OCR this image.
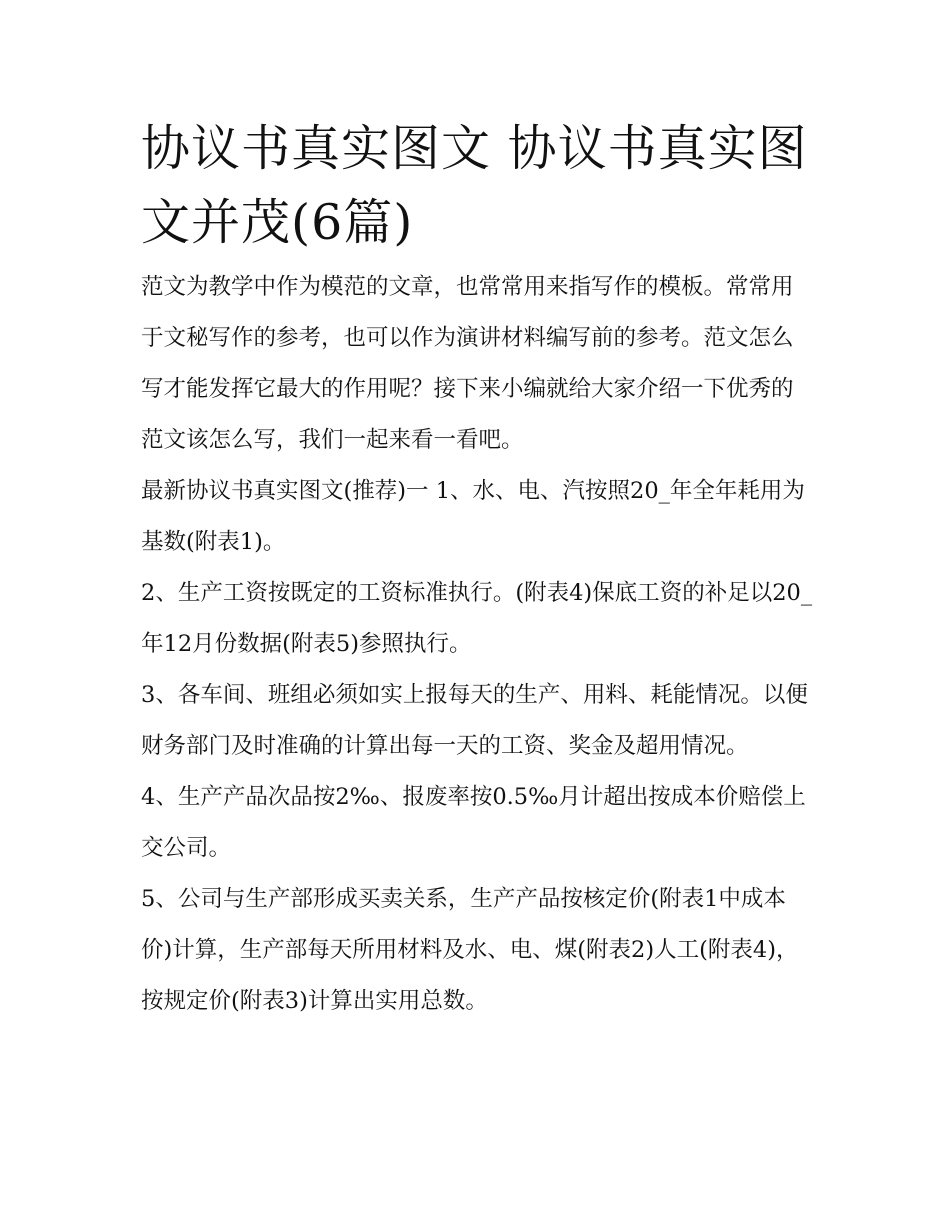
协议书真实图文 协议书真实图文并茂(6篇)

范文为教学中作为模范的文章，也常常用来指写作的模板。常常用于文秘写作的参考，也可以作为演讲材料编写前的参考。范文怎么写才能发挥它最大的作用呢？接下来小编就给大家介绍一下优秀的范文该怎么写，我们一起来看一看吧。

最新协议书真实图文(推荐)一 1、水、电、汽按照20_年全年耗用为基数(附表1)。

2、生产工资按既定的工资标准执行。(附表4)保底工资的补足以20_年12月份数据(附表5)参照执行。

3、各车间、班组必须如实上报每天的生产、用料、耗能情况。以便财务部门及时准确的计算出每一天的工资、奖金及超用情况。

4、生产产品次品按2‰、报废率按0.5‰月计超出按成本价赔偿上交公司。

5、公司与生产部形成买卖关系，生产产品按核定价(附表1中成本价)计算，生产部每天所用材料及水、电、煤(附表2)人工(附表4)，按规定价(附表3)计算出实用总数。
